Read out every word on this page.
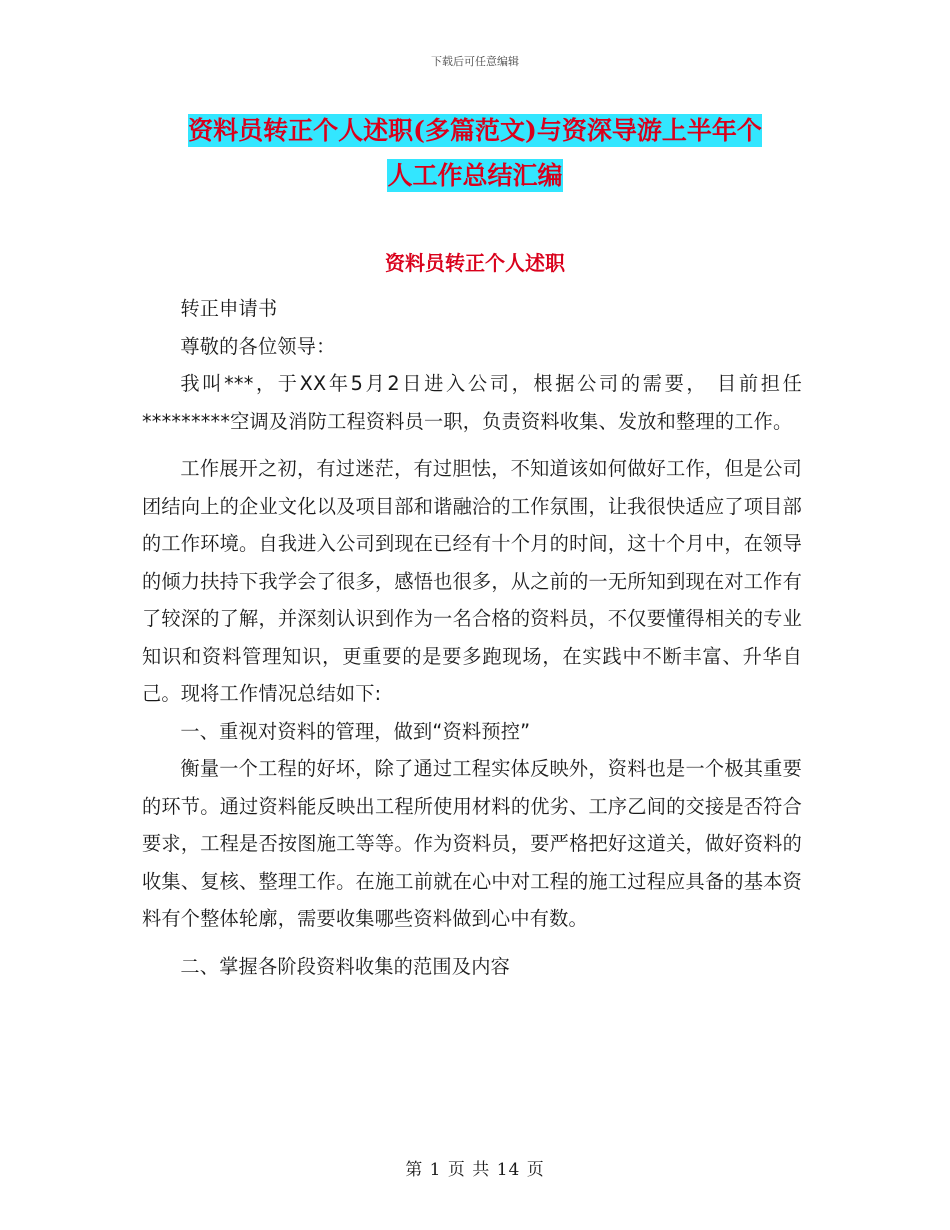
下载后可任意编辑
资料员转正个人述职(多篇范文)与资深导游上半年个
人工作总结汇编
资料员转正个人述职

转正申请书

尊敬的各位领导：

我叫***，于XX年5月2日进入公司，根据公司的需要， 目前担任*********空调及消防工程资料员一职，负责资料收集、发放和整理的工作。

工作展开之初，有过迷茫，有过胆怯，不知道该如何做好工作，但是公司团结向上的企业文化以及项目部和谐融洽的工作氛围，让我很快适应了项目部的工作环境。自我进入公司到现在已经有十个月的时间，这十个月中，在领导的倾力扶持下我学会了很多，感悟也很多，从之前的一无所知到现在对工作有了较深的了解，并深刻认识到作为一名合格的资料员，不仅要懂得相关的专业知识和资料管理知识，更重要的是要多跑现场，在实践中不断丰富、升华自己。现将工作情况总结如下:

一、重视对资料的管理，做到“资料预控”

衡量一个工程的好坏，除了通过工程实体反映外，资料也是一个极其重要的环节。通过资料能反映出工程所使用材料的优劣、工序乙间的交接是否符合要求，工程是否按图施工等等。作为资料员，要严格把好这道关，做好资料的收集、复核、整理工作。在施工前就在心中对工程的施工过程应具备的基本资料有个整体轮廓，需要收集哪些资料做到心中有数。

二、掌握各阶段资料收集的范围及内容

第 1 页 共 14 页
